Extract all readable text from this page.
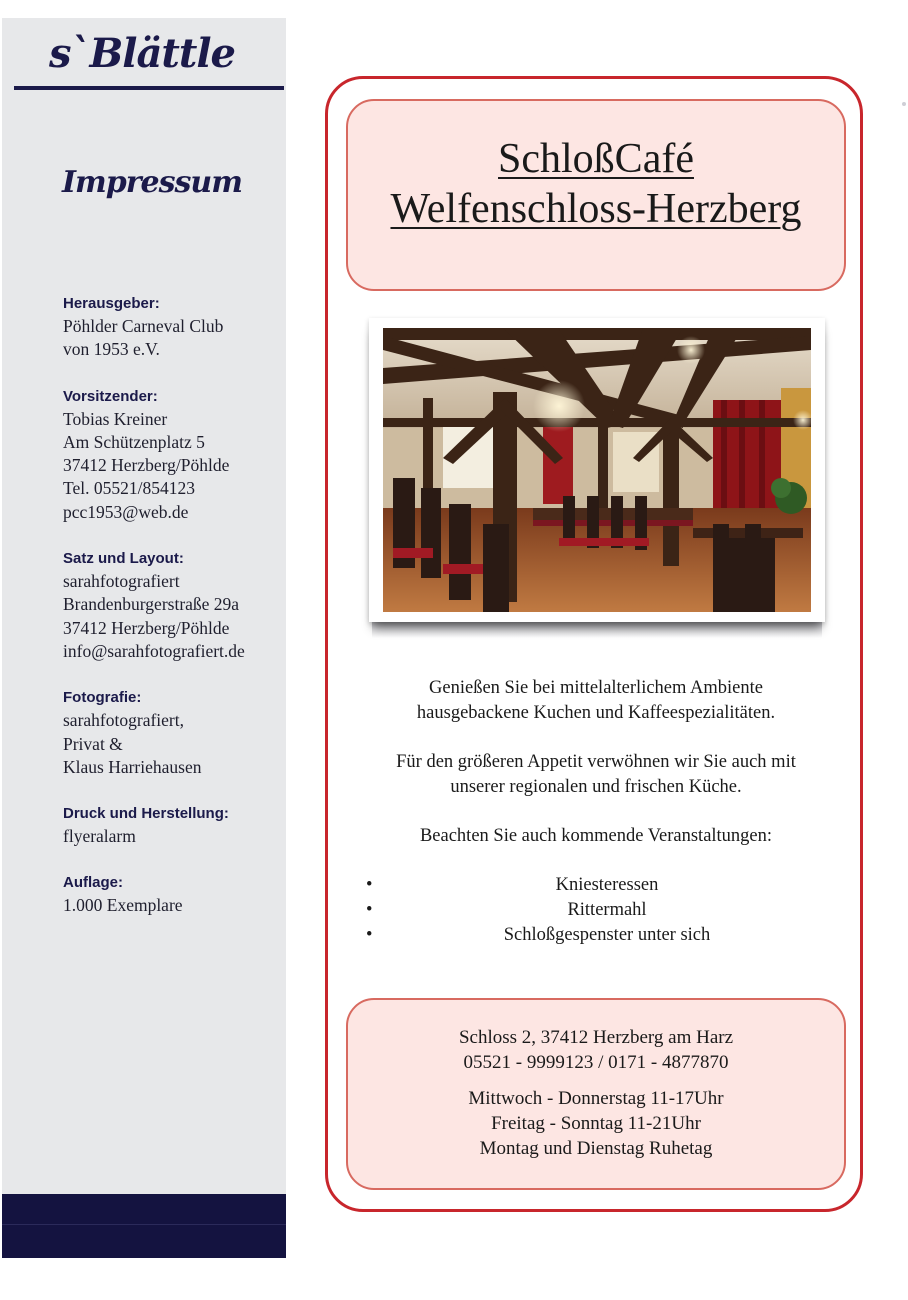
s`Blättle
Impressum
Herausgeber:
Pöhlder Carneval Club
von 1953 e.V.
Vorsitzender:
Tobias Kreiner
Am Schützenplatz 5
37412 Herzberg/Pöhlde
Tel. 05521/854123
pcc1953@web.de
Satz und Layout:
sarahfotografiert
Brandenburgerstraße 29a
37412 Herzberg/Pöhlde
info@sarahfotografiert.de
Fotografie:
sarahfotografiert,
Privat &
Klaus Harriehausen
Druck und Herstellung:
flyeralarm
Auflage:
1.000 Exemplare
SchloßCafé
Welfenschloss-Herzberg
Genießen Sie bei mittelalterlichem Ambiente
hausgebackene Kuchen und Kaffeespezialitäten.
Für den größeren Appetit verwöhnen wir Sie auch mit
unserer regionalen und frischen Küche.
Beachten Sie auch kommende Veranstaltungen:
•	Kniesteressen
•	Rittermahl
•	Schloßgespenster unter sich
Schloss 2, 37412 Herzberg am Harz
05521 - 9999123 / 0171 - 4877870
Mittwoch - Donnerstag 11-17Uhr
Freitag - Sonntag 11-21Uhr
Montag und Dienstag Ruhetag
